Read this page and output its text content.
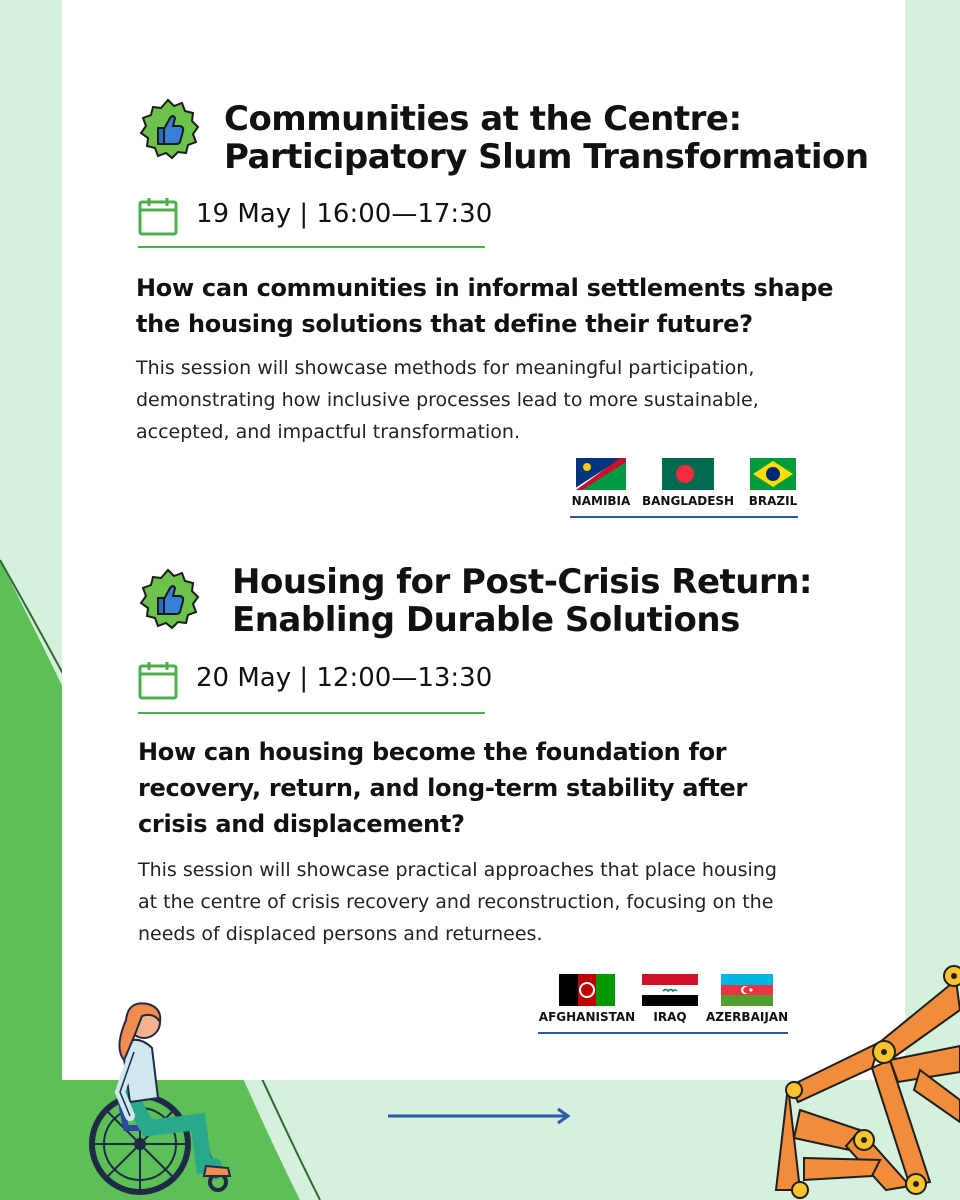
Communities at the Centre:
Participatory Slum Transformation
19 May | 16:00—17:30

How can communities in informal settlements shape
the housing solutions that define their future?

This session will showcase methods for meaningful participation,
demonstrating how inclusive processes lead to more sustainable,
accepted, and impactful transformation.

NAMIBIA BANGLADESH BRAZIL
Housing for Post-Crisis Return:
Enabling Durable Solutions
20 May | 12:00—13:30

How can housing become the foundation for
recovery, return, and long-term stability after
crisis and displacement?

This session will showcase practical approaches that place housing
at the centre of crisis recovery and reconstruction, focusing on the
needs of displaced persons and returnees.

AFGHANISTAN	IRAQ	AZERBAIJAN
